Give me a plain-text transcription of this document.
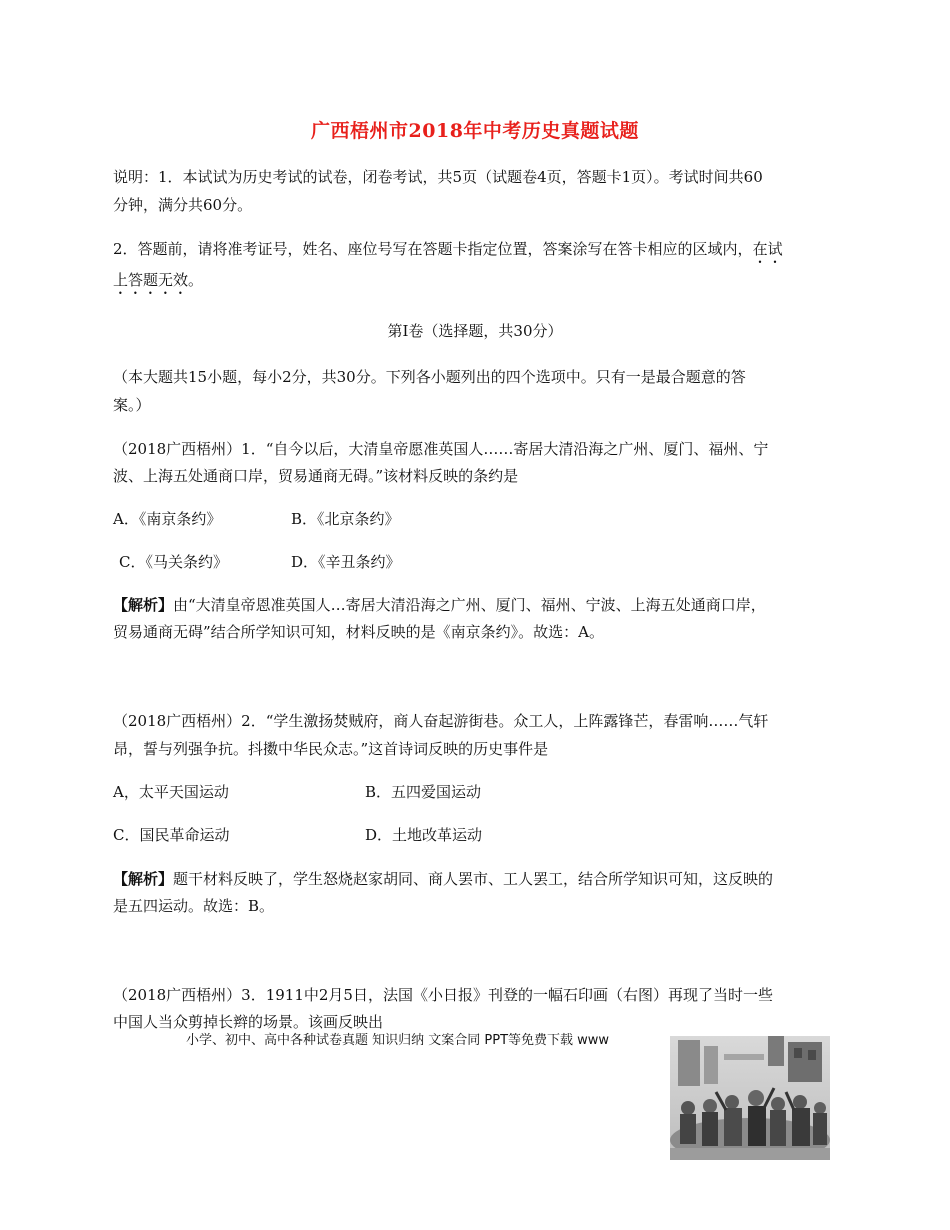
广西梧州市2018年中考历史真题试题
说明：1．本试试为历史考试的试卷，闭卷考试，共5页（试题卷4页，答题卡1页）。考试时间共60
分钟，满分共60分。
2．答题前，请将准考证号，姓名、座位号写在答题卡指定位置，答案涂写在答卡相应的区域内，在试
上答题无效。
第Ⅰ卷（选择题，共30分）
（本大题共15小题，每小2分，共30分。下列各小题列出的四个选项中。只有一是最合题意的答
案。）
（2018广西梧州）1．“自今以后，大清皇帝愿准英国人……寄居大清沿海之广州、厦门、福州、宁
波、上海五处通商口岸，贸易通商无碍。”该材料反映的条约是
A．《南京条约》	B．《北京条约》
C．《马关条约》	D．《辛丑条约》
【解析】由“大清皇帝恩准英国人…寄居大清沿海之广州、厦门、福州、宁波、上海五处通商口岸，
贸易通商无碍”结合所学知识可知，材料反映的是《南京条约》。故选：A。
（2018广西梧州）2．“学生激扬焚贼府，商人奋起游街巷。众工人，上阵露锋芒，春雷响……气轩
昂，誓与列强争抗。抖擞中华民众志。”这首诗词反映的历史事件是
A，太平天国运动	B．五四爱国运动
C．国民革命运动	D．土地改革运动
【解析】题干材料反映了，学生怒烧赵家胡同、商人罢市、工人罢工，结合所学知识可知，这反映的
是五四运动。故选：B。
（2018广西梧州）3．1911中2月5日，法国《小日报》刊登的一幅石印画（右图）再现了当时一些
中国人当众剪掉长辫的场景。该画反映出
小学、初中、高中各种试卷真题 知识归纳 文案合同 PPT等免费下载 www
